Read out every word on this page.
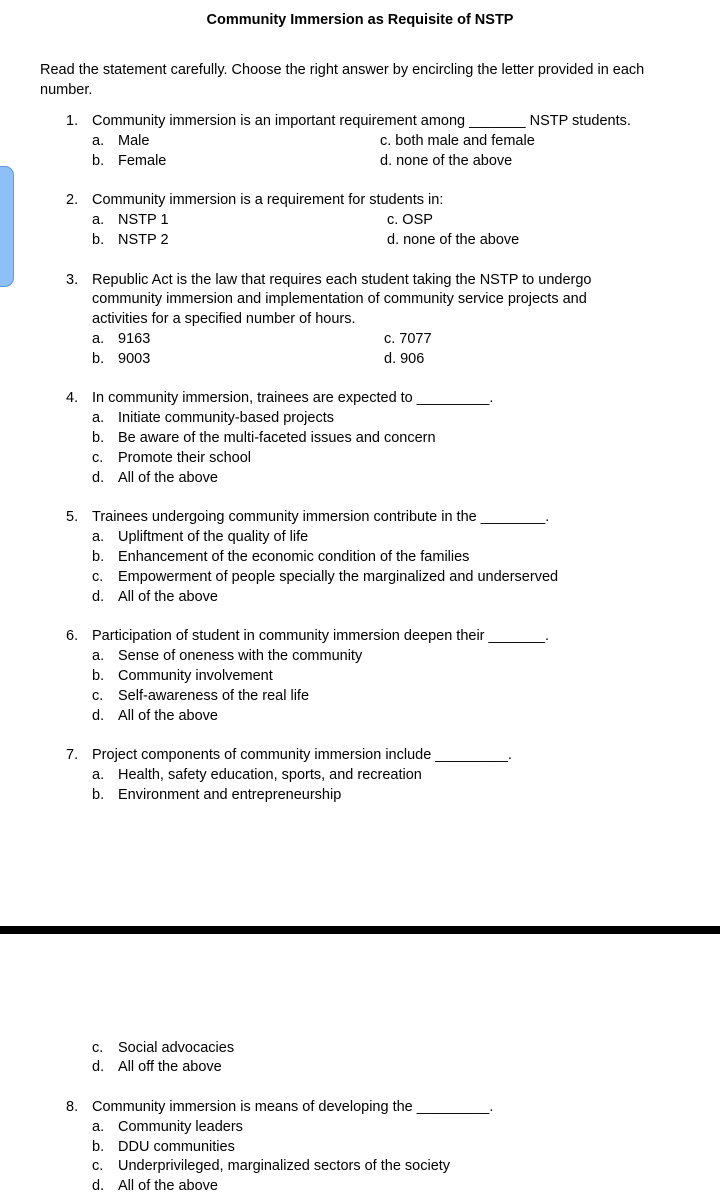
Community Immersion as Requisite of NSTP
Read the statement carefully. Choose the right answer by encircling the letter provided in each number.
1. Community immersion is an important requirement among _______ NSTP students.
a. Male
b. Female
c. both male and female
d. none of the above
2. Community immersion is a requirement for students in:
a. NSTP 1
b. NSTP 2
c. OSP
d. none of the above
3. Republic Act is the law that requires each student taking the NSTP to undergo
community immersion and implementation of community service projects and
activities for a specified number of hours.
a. 9163
b. 9003
c. 7077
d. 906
4. In community immersion, trainees are expected to _________.
a. Initiate community-based projects
b. Be aware of the multi-faceted issues and concern
c. Promote their school
d. All of the above
5. Trainees undergoing community immersion contribute in the ________.
a. Upliftment of the quality of life
b. Enhancement of the economic condition of the families
c. Empowerment of people specially the marginalized and underserved
d. All of the above
6. Participation of student in community immersion deepen their _______.
a. Sense of oneness with the community
b. Community involvement
c. Self-awareness of the real life
d. All of the above
7. Project components of community immersion include _________.
a. Health, safety education, sports, and recreation
b. Environment and entrepreneurship
c. Social advocacies
d. All off the above
8. Community immersion is means of developing the _________.
a. Community leaders
b. DDU communities
c. Underprivileged, marginalized sectors of the society
d. All of the above
